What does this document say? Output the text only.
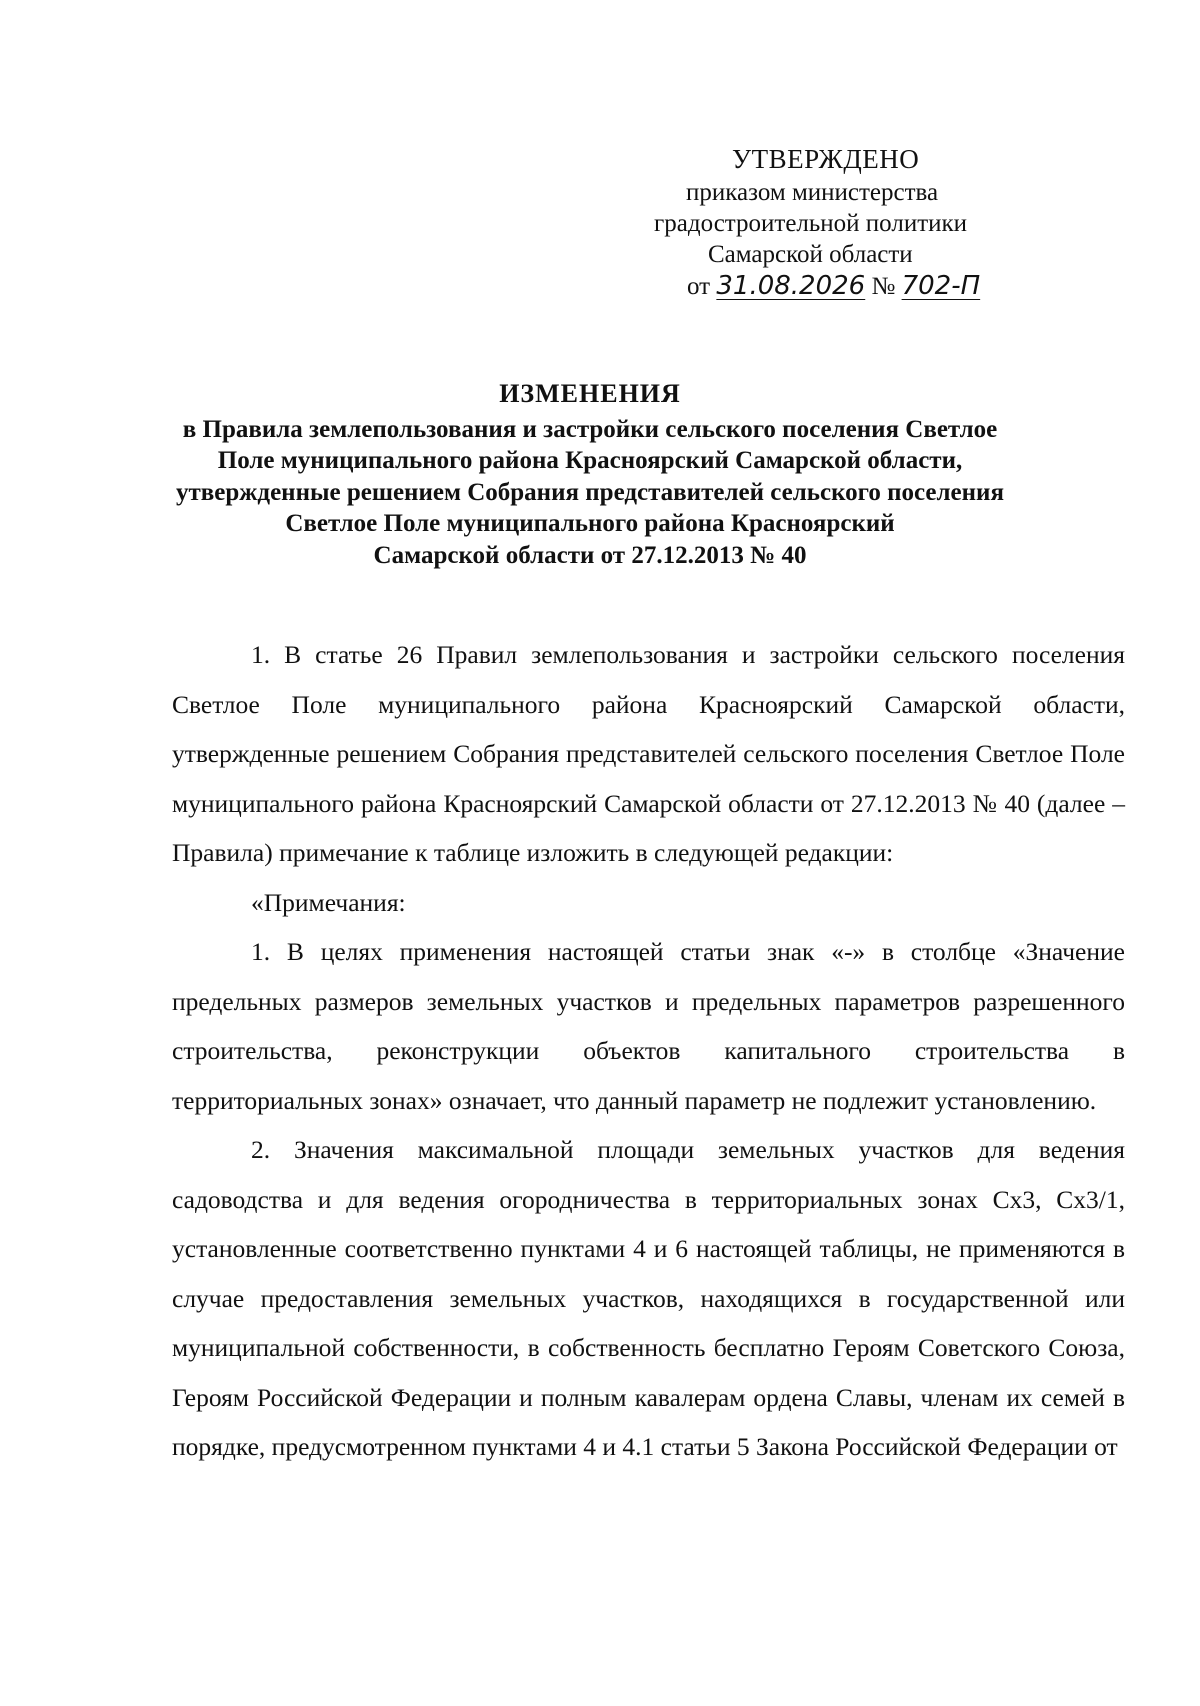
УТВЕРЖДЕНО
приказом министерства
градостроительной политики
Самарской области
от 31.08.2026 № 702-П
ИЗМЕНЕНИЯ
в Правила землепользования и застройки сельского поселения Светлое
Поле муниципального района Красноярский Самарской области,
утвержденные решением Собрания представителей сельского поселения
Светлое Поле муниципального района Красноярский
Самарской области от 27.12.2013 № 40

1. В статье 26 Правил землепользования и застройки сельского поселения Светлое Поле муниципального района Красноярский Самарской области, утвержденные решением Собрания представителей сельского поселения Светлое Поле муниципального района Красноярский Самарской области от 27.12.2013 № 40 (далее – Правила) примечание к таблице изложить в следующей редакции:

«Примечания:

1. В целях применения настоящей статьи знак «-» в столбце «Значение предельных размеров земельных участков и предельных параметров разрешенного строительства, реконструкции объектов капитального строительства в территориальных зонах» означает, что данный параметр не подлежит установлению.

2. Значения максимальной площади земельных участков для ведения садоводства и для ведения огородничества в территориальных зонах Сх3, Сх3/1, установленные соответственно пунктами 4 и 6 настоящей таблицы, не применяются в случае предоставления земельных участков, находящихся в государственной или муниципальной собственности, в собственность бесплатно Героям Советского Союза, Героям Российской Федерации и полным кавалерам ордена Славы, членам их семей в порядке, предусмотренном пунктами 4 и 4.1 статьи 5 Закона Российской Федерации от
